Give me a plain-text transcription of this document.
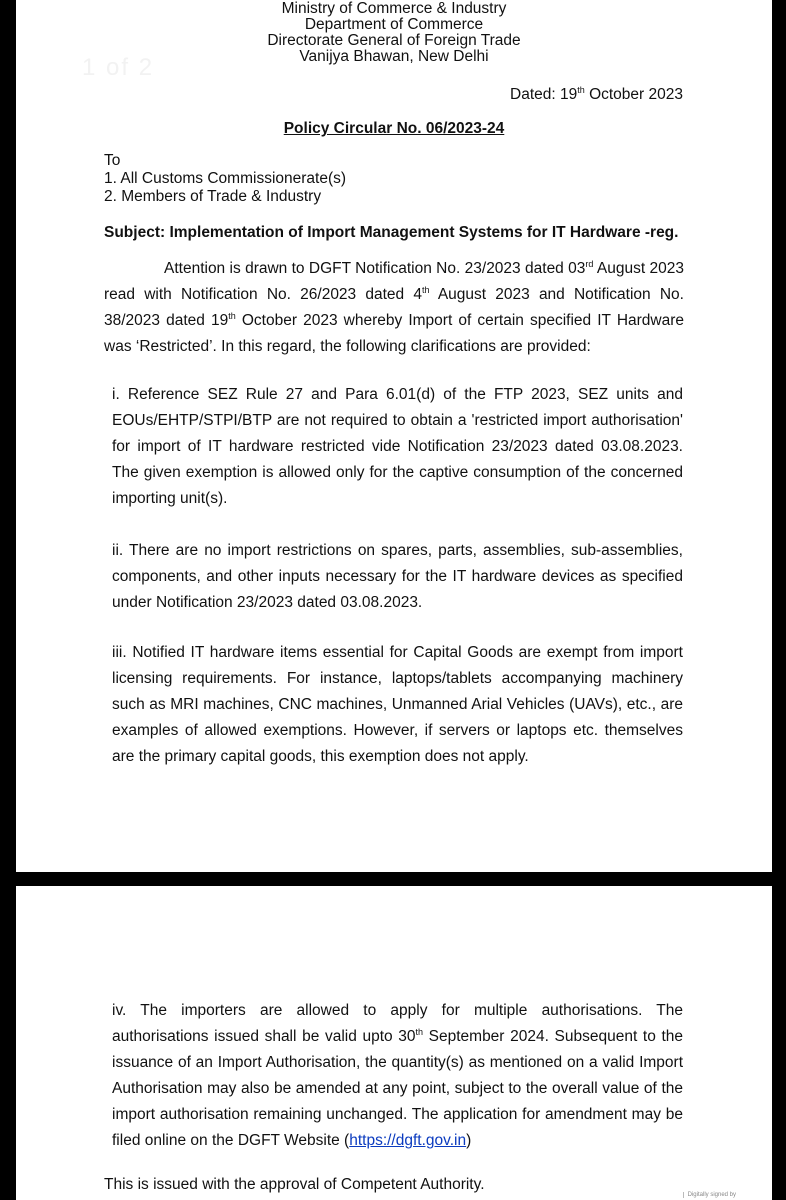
1 of 2
Ministry of Commerce & Industry
Department of Commerce
Directorate General of Foreign Trade
Vanijya Bhawan, New Delhi
Dated: 19th October 2023
Policy Circular No. 06/2023-24
To
1. All Customs Commissionerate(s)
2. Members of Trade & Industry
Subject: Implementation of Import Management Systems for IT Hardware -reg.
Attention is drawn to DGFT Notification No. 23/2023 dated 03rd August 2023 read with Notification No. 26/2023 dated 4th August 2023 and Notification No. 38/2023 dated 19th October 2023 whereby Import of certain specified IT Hardware was ‘Restricted’. In this regard, the following clarifications are provided:
i. Reference SEZ Rule 27 and Para 6.01(d) of the FTP 2023, SEZ units and EOUs/EHTP/STPI/BTP are not required to obtain a 'restricted import authorisation' for import of IT hardware restricted vide Notification 23/2023 dated 03.08.2023. The given exemption is allowed only for the captive consumption of the concerned importing unit(s).
ii. There are no import restrictions on spares, parts, assemblies, sub-assemblies, components, and other inputs necessary for the IT hardware devices as specified under Notification 23/2023 dated 03.08.2023.
iii. Notified IT hardware items essential for Capital Goods are exempt from import licensing requirements. For instance, laptops/tablets accompanying machinery such as MRI machines, CNC machines, Unmanned Arial Vehicles (UAVs), etc., are examples of allowed exemptions. However, if servers or laptops etc. themselves are the primary capital goods, this exemption does not apply.
iv. The importers are allowed to apply for multiple authorisations. The authorisations issued shall be valid upto 30th September 2024. Subsequent to the issuance of an Import Authorisation, the quantity(s) as mentioned on a valid Import Authorisation may also be amended at any point, subject to the overall value of the import authorisation remaining unchanged. The application for amendment may be filed online on the DGFT Website (https://dgft.gov.in)
This is issued with the approval of Competent Authority.
Digitally signed by
